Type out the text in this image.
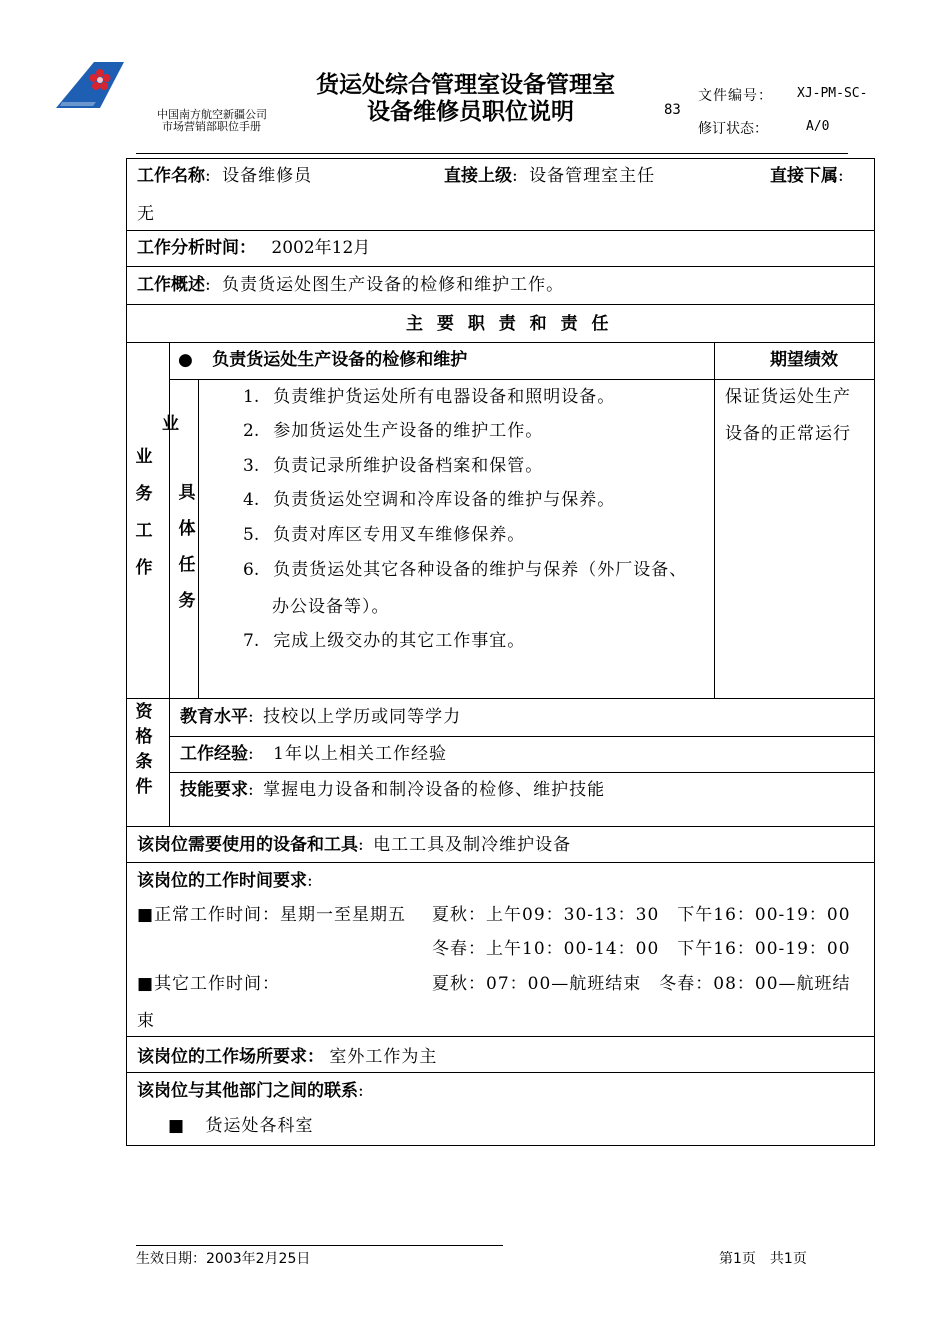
中国南方航空新疆公司
市场营销部职位手册
货运处综合管理室设备管理室
设备维修员职位说明	83
文件编号： XJ-PM-SC-
修订状态：	A/0
工作名称: 设备维修员	直接上级: 设备管理室主任	直接下属:
无
工作分析时间： 2002年12月
工作概述: 负责货运处图生产设备的检修和维护工作。
主 要 职 责 和 责 任
业务工作
业
具体任务
● 负责货运处生产设备的检修和维护	期望绩效
保证货运处生产
设备的正常运行
1. 负责维护货运处所有电器设备和照明设备。
2. 参加货运处生产设备的维护工作。
3. 负责记录所维护设备档案和保管。
4. 负责货运处空调和冷库设备的维护与保养。
5. 负责对库区专用叉车维修保养。
6. 负责货运处其它各种设备的维护与保养（外厂设备、
办公设备等）。
7. 完成上级交办的其它工作事宜。
资格条件
教育水平: 技校以上学历或同等学力
工作经验: 1年以上相关工作经验
技能要求: 掌握电力设备和制冷设备的检修、维护技能
该岗位需要使用的设备和工具: 电工工具及制冷维护设备
该岗位的工作时间要求:
■正常工作时间：星期一至星期五 夏秋：上午09：30-13：30　下午16：00-19：00
冬春：上午10：00-14：00　下午16：00-19：00
■其它工作时间：	夏秋：07：00—航班结束　冬春：08：00—航班结
束
该岗位的工作场所要求： 室外工作为主
该岗位与其他部门之间的联系:
■ 货运处各科室
生效日期：2003年2月25日	第1页　共1页
